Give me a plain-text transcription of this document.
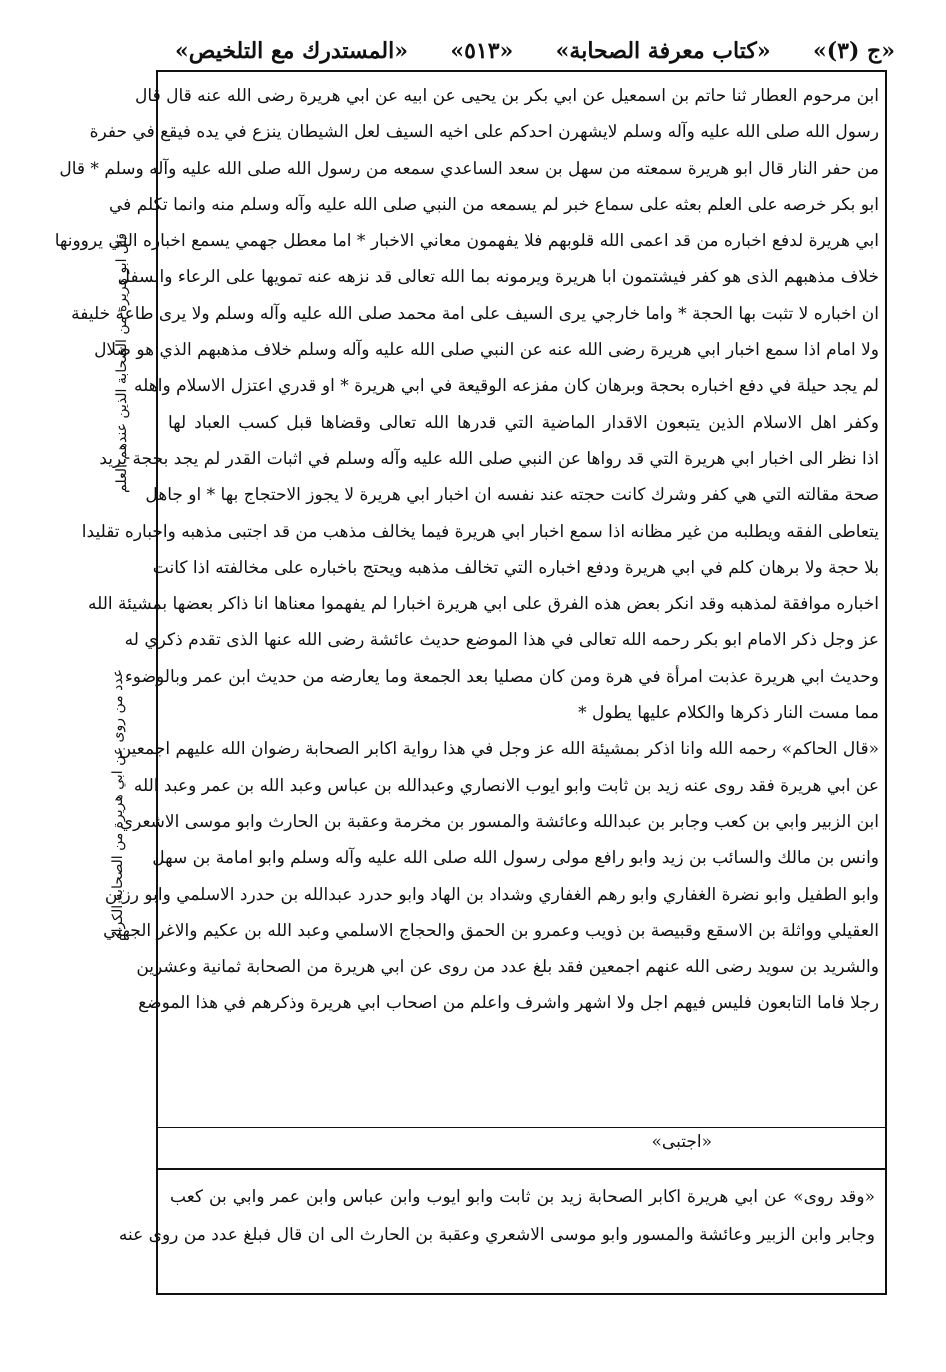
«ج (٣)»
«كتاب معرفة الصحابة»
«٥١٣»
«المستدرك مع التلخيص»
ابن مرحوم العطار ثنا حاتم بن اسمعيل عن ابي بكر بن يحيى عن ابيه عن ابي هريرة رضى الله عنه قال قال
رسول الله صلى الله عليه وآله وسلم لايشهرن احدكم على اخيه السيف لعل الشيطان ينزع في يده فيقع في حفرة
من حفر النار قال ابو هريرة سمعته من سهل بن سعد الساعدي سمعه من رسول الله صلى الله عليه وآله وسلم * قال
ابو بكر خرصه على العلم بعثه على سماع خبر لم يسمعه من النبي صلى الله عليه وآله وسلم منه وانما تكلم في
ابي هريرة لدفع اخباره من قد اعمى الله قلوبهم فلا يفهمون معاني الاخبار * اما معطل جهمي يسمع اخباره التي يروونها
خلاف مذهبهم الذى هو كفر فيشتمون ابا هريرة ويرمونه بما الله تعالى قد نزهه عنه تمويها على الرعاء والسفل
ان اخباره لا تثبت بها الحجة * واما خارجي يرى السيف على امة محمد صلى الله عليه وآله وسلم ولا يرى طاعة خليفة
ولا امام اذا سمع اخبار ابي هريرة رضى الله عنه عن النبي صلى الله عليه وآله وسلم خلاف مذهبهم الذي هو ضلال
لم يجد حيلة في دفع اخباره بحجة وبرهان كان مفزعه الوقيعة في ابي هريرة * او قدري اعتزل الاسلام واهله
وكفر اهل الاسلام الذين يتبعون الاقدار الماضية التي قدرها الله تعالى وقضاها قبل كسب العباد لها
اذا نظر الى اخبار ابي هريرة التي قد رواها عن النبي صلى الله عليه وآله وسلم في اثبات القدر لم يجد بحجة يريد
صحة مقالته التي هي كفر وشرك كانت حجته عند نفسه ان اخبار ابي هريرة لا يجوز الاحتجاج بها * او جاهل
يتعاطى الفقه ويطلبه من غير مظانه اذا سمع اخبار ابي هريرة فيما يخالف مذهب من قد اجتبى مذهبه واخباره تقليدا
بلا حجة ولا برهان كلم في ابي هريرة ودفع اخباره التي تخالف مذهبه ويحتج باخباره على مخالفته اذا كانت
اخباره موافقة لمذهبه وقد انكر بعض هذه الفرق على ابي هريرة اخبارا لم يفهموا معناها انا ذاكر بعضها بمشيئة الله
عز وجل ذكر الامام ابو بكر رحمه الله تعالى في هذا الموضع حديث عائشة رضى الله عنها الذى تقدم ذكري له
وحديث ابي هريرة عذبت امرأة في هرة ومن كان مصليا بعد الجمعة وما يعارضه من حديث ابن عمر وبالوضوء
مما مست النار ذكرها والكلام عليها يطول *
«قال الحاكم» رحمه الله وانا اذكر بمشيئة الله عز وجل في هذا رواية اكابر الصحابة رضوان الله عليهم اجمعين
عن ابي هريرة فقد روى عنه زيد بن ثابت وابو ايوب الانصاري وعبدالله بن عباس وعبد الله بن عمر وعبد الله
ابن الزبير وابي بن كعب وجابر بن عبدالله وعائشة والمسور بن مخرمة وعقبة بن الحارث وابو موسى الاشعري
وانس بن مالك والسائب بن زيد وابو رافع مولى رسول الله صلى الله عليه وآله وسلم وابو امامة بن سهل
وابو الطفيل وابو نضرة الغفاري وابو رهم الغفاري وشداد بن الهاد وابو حدرد عبدالله بن حدرد الاسلمي وابو رزين
العقيلي وواثلة بن الاسقع وقبيصة بن ذويب وعمرو بن الحمق والحجاج الاسلمي وعبد الله بن عكيم والاغر الجهني
والشريد بن سويد رضى الله عنهم اجمعين فقد بلغ عدد من روى عن ابي هريرة من الصحابة ثمانية وعشرين
رجلا فاما التابعون فليس فيهم اجل ولا اشهر واشرف واعلم من اصحاب ابي هريرة وذكرهم في هذا الموضع
«اجتبى»
«وقد روى» عن ابي هريرة اكابر الصحابة زيد بن ثابت وابو ايوب وابن عباس وابن عمر وابي بن كعب
وجابر وابن الزبير وعائشة والمسور وابو موسى الاشعري وعقبة بن الحارث الى ان قال فبلغ عدد من روى عنه
قال ابو هريرة من الصحابة الذين عندهم العلم
عدد من روى عن ابي هريرة من الصحابة الكرام
